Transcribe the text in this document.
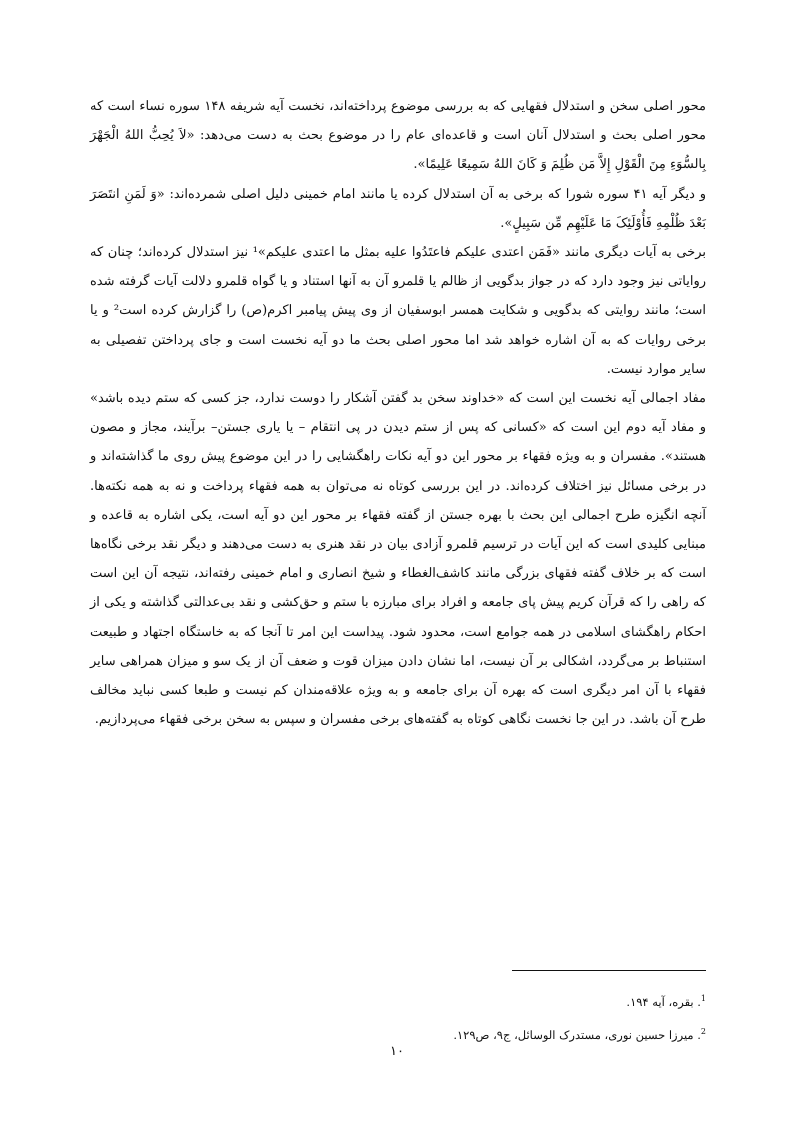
محور اصلی سخن و استدلال فقهایی که به بررسی موضوع پرداخته‌اند، نخست آیه شریفه ۱۴۸ سوره نساء است که محور اصلی بحث و استدلال آنان است و قاعده‌ای عام را در موضوع بحث به دست می‌دهد: «لاَ یُحِبُّ اللهُ الْجَهْرَ بِالسُّوَءِ مِنَ الْقَوْلِ إِلاَّ مَن ظُلِمَ وَ کَانَ اللهُ سَمِیعًا عَلِیمًا».

و دیگر آیه ۴۱ سوره شورا که برخی به آن استدلال کرده یا مانند امام خمینی دلیل اصلی شمرده‌اند: «وَ لَمَنِ انتَصَرَ بَعْدَ ظُلْمِهِ فَأُوْلَئِکَ مَا عَلَیْهِم مِّن سَبِیلٍ».

برخی به آیات دیگری مانند «فَمَن اعتدی علیکم فاعتَدُوا علیه بمثل ما اعتدی علیکم»¹ نیز استدلال کرده‌اند؛ چنان که روایاتی نیز وجود دارد که در جواز بدگویی از ظالم یا قلمرو آن به آنها استناد و یا گواه قلمرو دلالت آیات گرفته شده است؛ مانند روایتی که بدگویی و شکایت همسر ابوسفیان از وی پیش پیامبر اکرم(ص) را گزارش کرده است² و یا برخی روایات که به آن اشاره خواهد شد اما محور اصلی بحث ما دو آیه نخست است و جای پرداختن تفصیلی به سایر موارد نیست.

مفاد اجمالی آیه نخست این است که «خداوند سخن بد گفتن آشکار را دوست ندارد، جز کسی که ستم دیده باشد» و مفاد آیه دوم این است که «کسانی که پس از ستم دیدن در پی انتقام – یا یاری جستن– برآیند، مجاز و مصون هستند». مفسران و به ویژه فقهاء بر محور این دو آیه نکات راهگشایی را در این موضوع پیش روی ما گذاشته‌اند و در برخی مسائل نیز اختلاف کرده‌اند. در این بررسی کوتاه نه می‌توان به همه فقهاء پرداخت و نه به همه نکته‌ها. آنچه انگیزه طرح اجمالی این بحث با بهره جستن از گفته فقهاء بر محور این دو آیه است، یکی اشاره به قاعده و مبنایی کلیدی است که این آیات در ترسیم قلمرو آزادی بیان در نقد هنری به دست می‌دهند و دیگر نقد برخی نگاه‌ها است که بر خلاف گفته فقهای بزرگی مانند کاشف‌الغطاء و شیخ انصاری و امام خمینی رفته‌اند، نتیجه آن این است که راهی را که قرآن کریم پیش پای جامعه و افراد برای مبارزه با ستم و حق‌کشی و نقد بی‌عدالتی گذاشته و یکی از احکام راهگشای اسلامی در همه جوامع است، محدود شود. پیداست این امر تا آنجا که به خاستگاه اجتهاد و طبیعت استنباط بر می‌گردد، اشکالی بر آن نیست، اما نشان دادن میزان قوت و ضعف آن از یک سو و میزان همراهی سایر فقهاء با آن امر دیگری است که بهره آن برای جامعه و به ویژه علاقه‌مندان کم نیست و طبعا کسی نباید مخالف طرح آن باشد. در این جا نخست نگاهی کوتاه به گفته‌های برخی مفسران و سپس به سخن برخی فقهاء می‌پردازیم.

$^1$. بقره، آیه ۱۹۴.

$^2$. میرزا حسین نوری، مستدرک الوسائل، ج۹، ص۱۲۹.

۱۰
